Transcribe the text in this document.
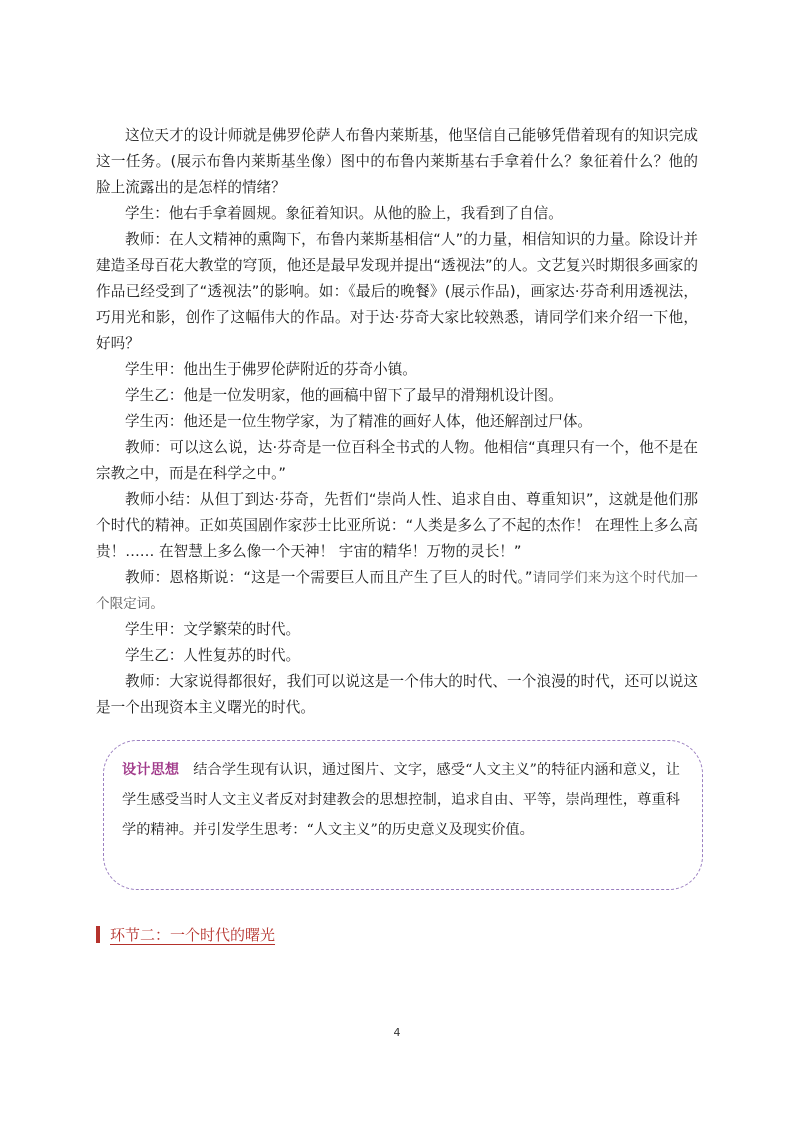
这位天才的设计师就是佛罗伦萨人布鲁内莱斯基，他坚信自己能够凭借着现有的知识完成这一任务。(展示布鲁内莱斯基坐像）图中的布鲁内莱斯基右手拿着什么？象征着什么？他的脸上流露出的是怎样的情绪？

学生：他右手拿着圆规。象征着知识。从他的脸上，我看到了自信。

教师：在人文精神的熏陶下，布鲁内莱斯基相信“人”的力量，相信知识的力量。除设计并建造圣母百花大教堂的穹顶，他还是最早发现并提出“透视法”的人。文艺复兴时期很多画家的作品已经受到了“透视法”的影响。如：《最后的晚餐》(展示作品)，画家达·芬奇利用透视法，巧用光和影，创作了这幅伟大的作品。对于达·芬奇大家比较熟悉，请同学们来介绍一下他，好吗？

学生甲：他出生于佛罗伦萨附近的芬奇小镇。

学生乙：他是一位发明家，他的画稿中留下了最早的滑翔机设计图。

学生丙：他还是一位生物学家，为了精准的画好人体，他还解剖过尸体。

教师：可以这么说，达·芬奇是一位百科全书式的人物。他相信“真理只有一个，他不是在宗教之中，而是在科学之中。”

教师小结：从但丁到达·芬奇，先哲们“崇尚人性、追求自由、尊重知识”，这就是他们那个时代的精神。正如英国剧作家莎士比亚所说：“人类是多么了不起的杰作！ 在理性上多么高贵！…… 在智慧上多么像一个天神！ 宇宙的精华！万物的灵长！”

教师：恩格斯说：“这是一个需要巨人而且产生了巨人的时代。”请同学们来为这个时代加一个限定词。

学生甲：文学繁荣的时代。

学生乙：人性复苏的时代。

教师：大家说得都很好，我们可以说这是一个伟大的时代、一个浪漫的时代，还可以说这是一个出现资本主义曙光的时代。

设计思想 结合学生现有认识，通过图片、文字，感受“人文主义”的特征内涵和意义，让学生感受当时人文主义者反对封建教会的思想控制，追求自由、平等，崇尚理性，尊重科学的精神。并引发学生思考：“人文主义”的历史意义及现实价值。
环节二：一个时代的曙光
4
